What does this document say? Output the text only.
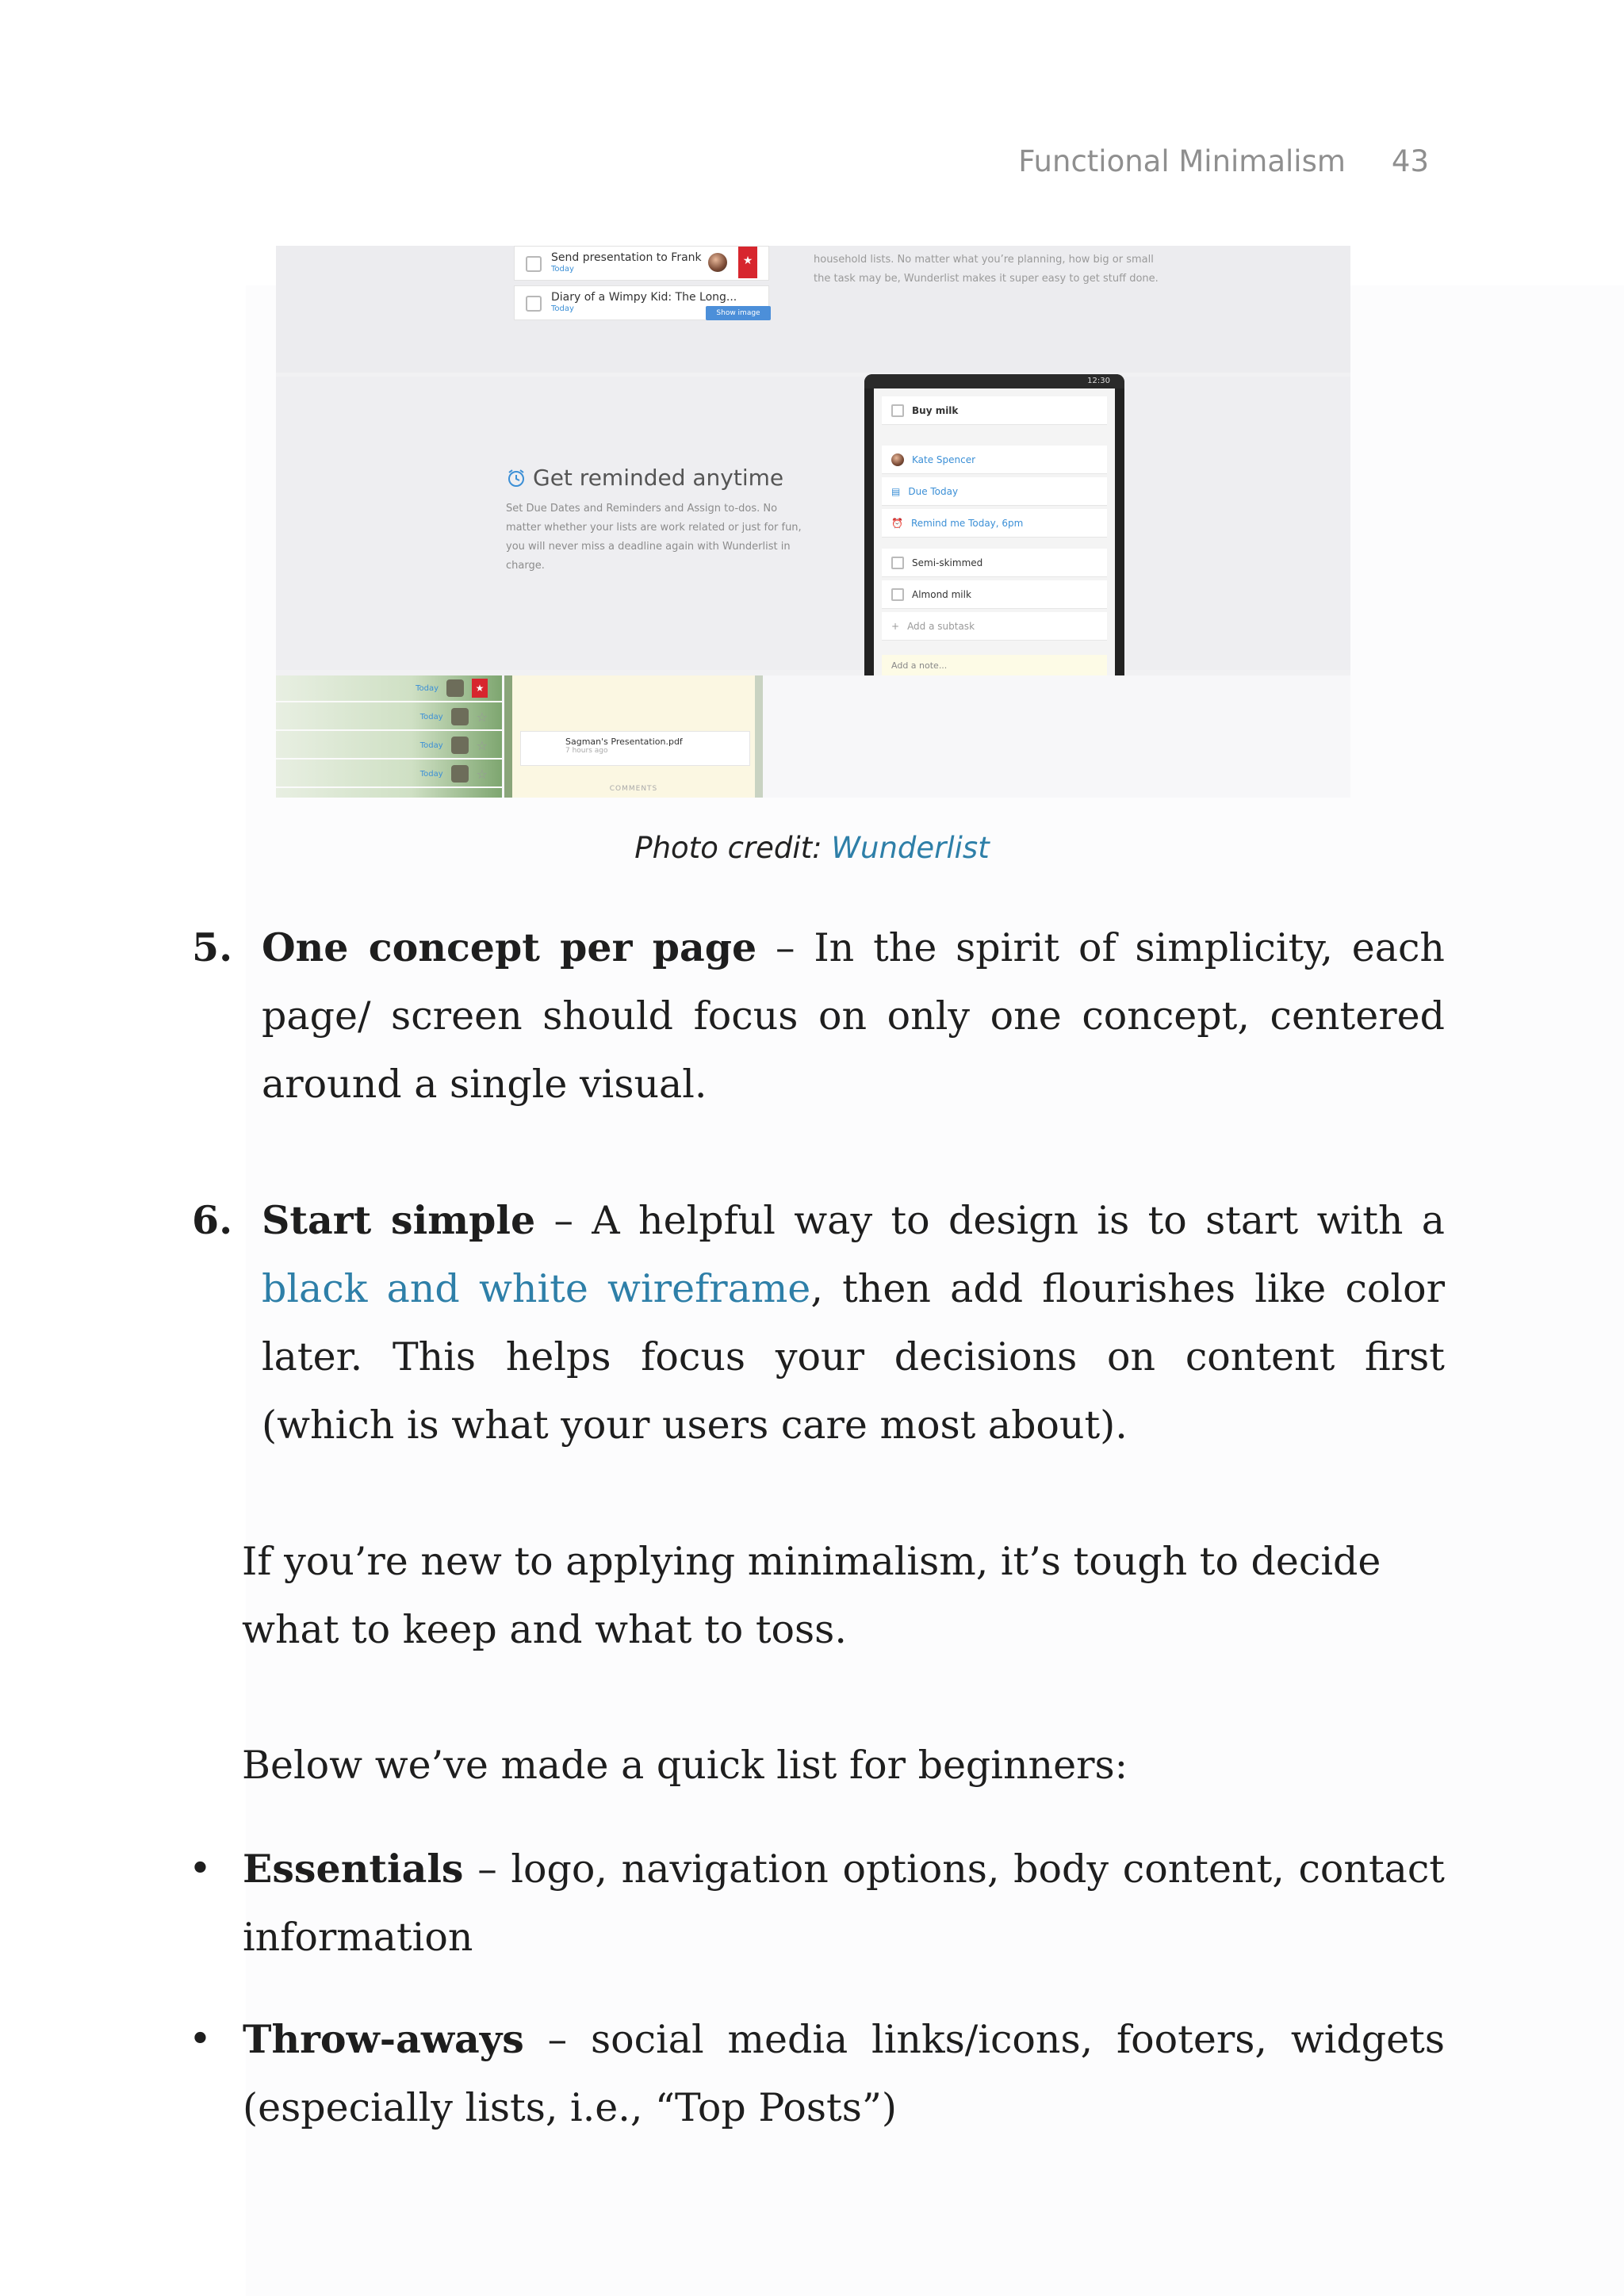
Functional Minimalism 43
Send presentation to Frank
Today
★
Diary of a Wimpy Kid: The Long...
Today
Show image
household lists. No matter what you’re planning, how big or small the task may be, Wunderlist makes it super easy to get stuff done.
Get reminded anytime
Set Due Dates and Reminders and Assign to-dos. No matter whether your lists are work related or just for fun, you will never miss a deadline again with Wunderlist in charge.
12:30
Buy milk
Kate Spencer
▤ Due Today
⏰ Remind me Today, 6pm
Semi-skimmed
Almond milk
+ Add a subtask
Add a note...
Today	★
Today	☆
Today	☆
Today	☆
Sagman's Presentation.pdf
7 hours ago
COMMENTS
Photo credit: Wunderlist
5. One concept per page – In the spirit of simplicity, each page/ screen should focus on only one concept, centered around a single visual.
6. Start simple – A helpful way to design is to start with a black and white wireframe, then add flourishes like color later. This helps focus your decisions on content first (which is what your users care most about).
If you’re new to applying minimalism, it’s tough to decide what to keep and what to toss.
Below we’ve made a quick list for beginners:
• Essentials – logo, navigation options, body content, contact information
• Throw-aways – social media links/icons, footers, widgets (especially lists, i.e., “Top Posts”)
